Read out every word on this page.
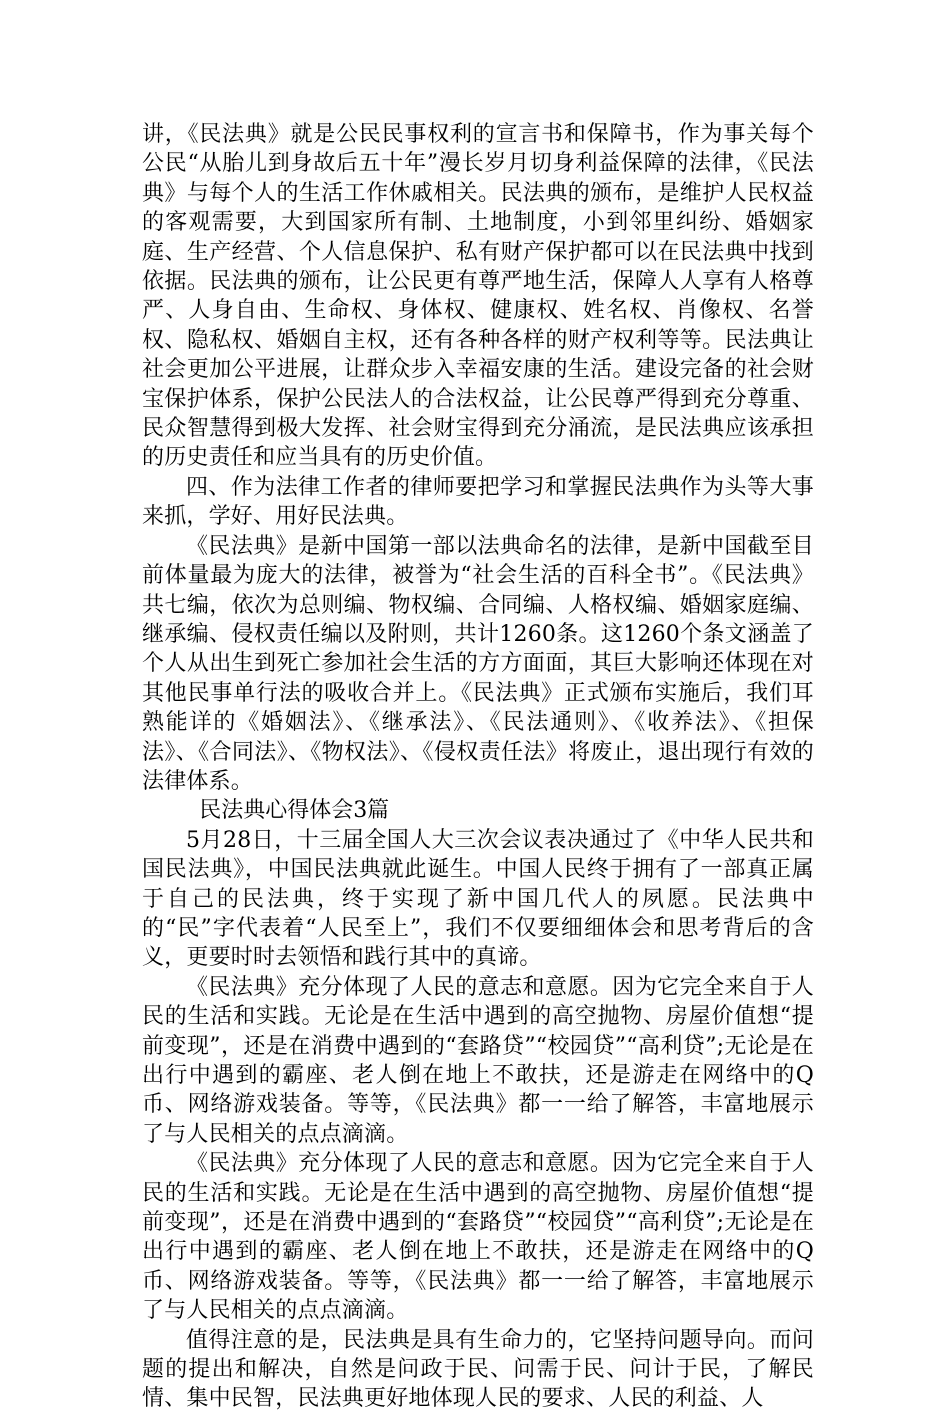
讲，《民法典》就是公民民事权利的宣言书和保障书，作为事关每个公民“从胎儿到身故后五十年”漫长岁月切身利益保障的法律，《民法典》与每个人的生活工作休戚相关。民法典的颁布，是维护人民权益的客观需要，大到国家所有制、土地制度，小到邻里纠纷、婚姻家庭、生产经营、个人信息保护、私有财产保护都可以在民法典中找到依据。民法典的颁布，让公民更有尊严地生活，保障人人享有人格尊严、人身自由、生命权、身体权、健康权、姓名权、肖像权、名誉权、隐私权、婚姻自主权，还有各种各样的财产权利等等。民法典让社会更加公平进展，让群众步入幸福安康的生活。建设完备的社会财宝保护体系，保护公民法人的合法权益，让公民尊严得到充分尊重、民众智慧得到极大发挥、社会财宝得到充分涌流，是民法典应该承担的历史责任和应当具有的历史价值。

四、作为法律工作者的律师要把学习和掌握民法典作为头等大事来抓，学好、用好民法典。

《民法典》是新中国第一部以法典命名的法律，是新中国截至目前体量最为庞大的法律，被誉为“社会生活的百科全书”。《民法典》共七编，依次为总则编、物权编、合同编、人格权编、婚姻家庭编、继承编、侵权责任编以及附则，共计1260条。这1260个条文涵盖了个人从出生到死亡参加社会生活的方方面面，其巨大影响还体现在对其他民事单行法的吸收合并上。《民法典》正式颁布实施后，我们耳熟能详的《婚姻法》、《继承法》、《民法通则》、《收养法》、《担保法》、《合同法》、《物权法》、《侵权责任法》将废止，退出现行有效的法律体系。

民法典心得体会3篇

5月28日，十三届全国人大三次会议表决通过了《中华人民共和国民法典》，中国民法典就此诞生。中国人民终于拥有了一部真正属于自己的民法典，终于实现了新中国几代人的夙愿。民法典中的“民”字代表着“人民至上”，我们不仅要细细体会和思考背后的含义，更要时时去领悟和践行其中的真谛。

《民法典》充分体现了人民的意志和意愿。因为它完全来自于人民的生活和实践。无论是在生活中遇到的高空抛物、房屋价值想“提前变现”，还是在消费中遇到的“套路贷”“校园贷”“高利贷”;无论是在出行中遇到的霸座、老人倒在地上不敢扶，还是游走在网络中的Q币、网络游戏装备。等等，《民法典》都一一给了解答，丰富地展示了与人民相关的点点滴滴。

《民法典》充分体现了人民的意志和意愿。因为它完全来自于人民的生活和实践。无论是在生活中遇到的高空抛物、房屋价值想“提前变现”，还是在消费中遇到的“套路贷”“校园贷”“高利贷”;无论是在出行中遇到的霸座、老人倒在地上不敢扶，还是游走在网络中的Q币、网络游戏装备。等等，《民法典》都一一给了解答，丰富地展示了与人民相关的点点滴滴。

值得注意的是，民法典是具有生命力的，它坚持问题导向。而问题的提出和解决，自然是问政于民、问需于民、问计于民，了解民情、集中民智，民法典更好地体现人民的要求、人民的利益、人
